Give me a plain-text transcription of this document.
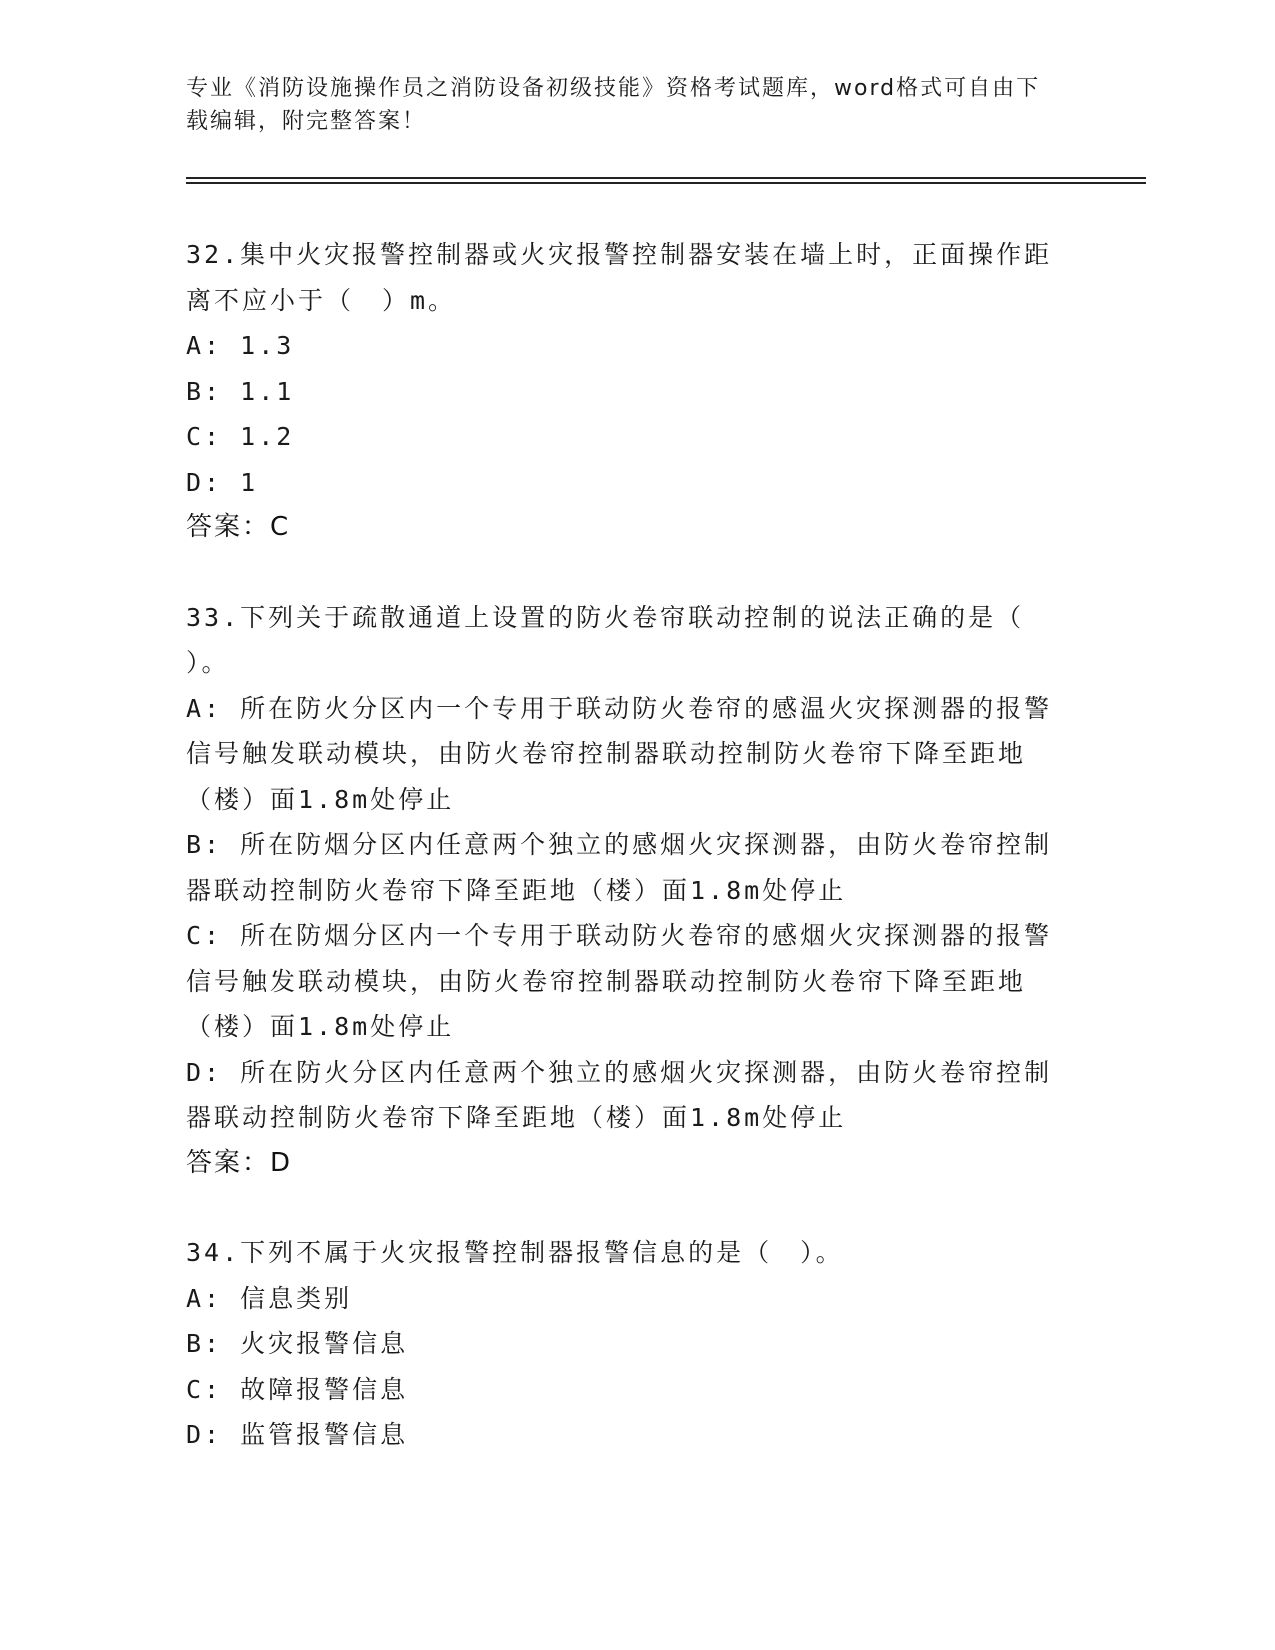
专业《消防设施操作员之消防设备初级技能》资格考试题库，word格式可自由下
载编辑，附完整答案！

32.集中火灾报警控制器或火灾报警控制器安装在墙上时，正面操作距

离不应小于（　）m。

A: 1.3

B: 1.1

C: 1.2

D: 1

答案：C

33.下列关于疏散通道上设置的防火卷帘联动控制的说法正确的是（

）。

A: 所在防火分区内一个专用于联动防火卷帘的感温火灾探测器的报警

信号触发联动模块，由防火卷帘控制器联动控制防火卷帘下降至距地

（楼）面1.8m处停止

B: 所在防烟分区内任意两个独立的感烟火灾探测器，由防火卷帘控制

器联动控制防火卷帘下降至距地（楼）面1.8m处停止

C: 所在防烟分区内一个专用于联动防火卷帘的感烟火灾探测器的报警

信号触发联动模块，由防火卷帘控制器联动控制防火卷帘下降至距地

（楼）面1.8m处停止

D: 所在防火分区内任意两个独立的感烟火灾探测器，由防火卷帘控制

器联动控制防火卷帘下降至距地（楼）面1.8m处停止

答案：D

34.下列不属于火灾报警控制器报警信息的是（　）。

A: 信息类别

B: 火灾报警信息

C: 故障报警信息

D: 监管报警信息
